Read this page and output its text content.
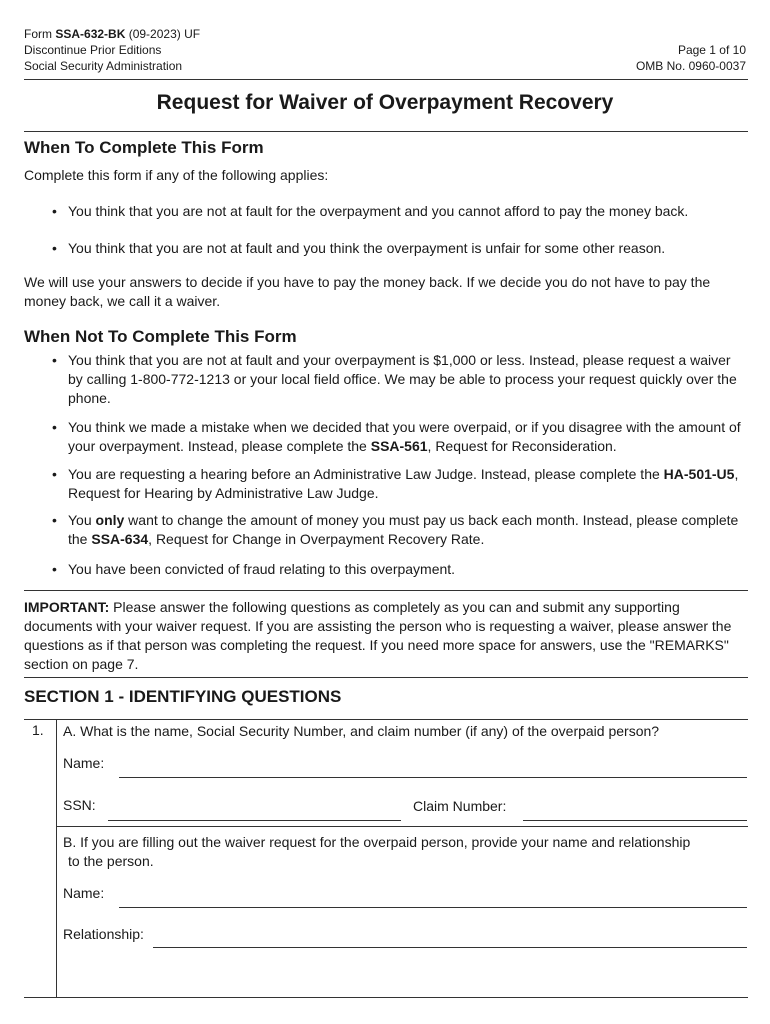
Form SSA-632-BK (09-2023) UF
Discontinue Prior Editions
Social Security Administration
Page 1 of 10
OMB No. 0960-0037
Request for Waiver of Overpayment Recovery
When To Complete This Form
Complete this form if any of the following applies:
• You think that you are not at fault for the overpayment and you cannot afford to pay the money back.
• You think that you are not at fault and you think the overpayment is unfair for some other reason.
We will use your answers to decide if you have to pay the money back. If we decide you do not have to pay the money back, we call it a waiver.
When Not To Complete This Form
• You think that you are not at fault and your overpayment is $1,000 or less. Instead, please request a waiver by calling 1-800-772-1213 or your local field office. We may be able to process your request quickly over the phone.
• You think we made a mistake when we decided that you were overpaid, or if you disagree with the amount of your overpayment. Instead, please complete the SSA-561, Request for Reconsideration.
• You are requesting a hearing before an Administrative Law Judge. Instead, please complete the HA-501-U5, Request for Hearing by Administrative Law Judge.
• You only want to change the amount of money you must pay us back each month. Instead, please complete the SSA-634, Request for Change in Overpayment Recovery Rate.
• You have been convicted of fraud relating to this overpayment.
IMPORTANT: Please answer the following questions as completely as you can and submit any supporting documents with your waiver request. If you are assisting the person who is requesting a waiver, please answer the questions as if that person was completing the request. If you need more space for answers, use the "REMARKS" section on page 7.
SECTION 1 - IDENTIFYING QUESTIONS
1. A. What is the name, Social Security Number, and claim number (if any) of the overpaid person?
Name:
SSN:	Claim Number:
B. If you are filling out the waiver request for the overpaid person, provide your name and relationship
to the person.
Name:
Relationship:
